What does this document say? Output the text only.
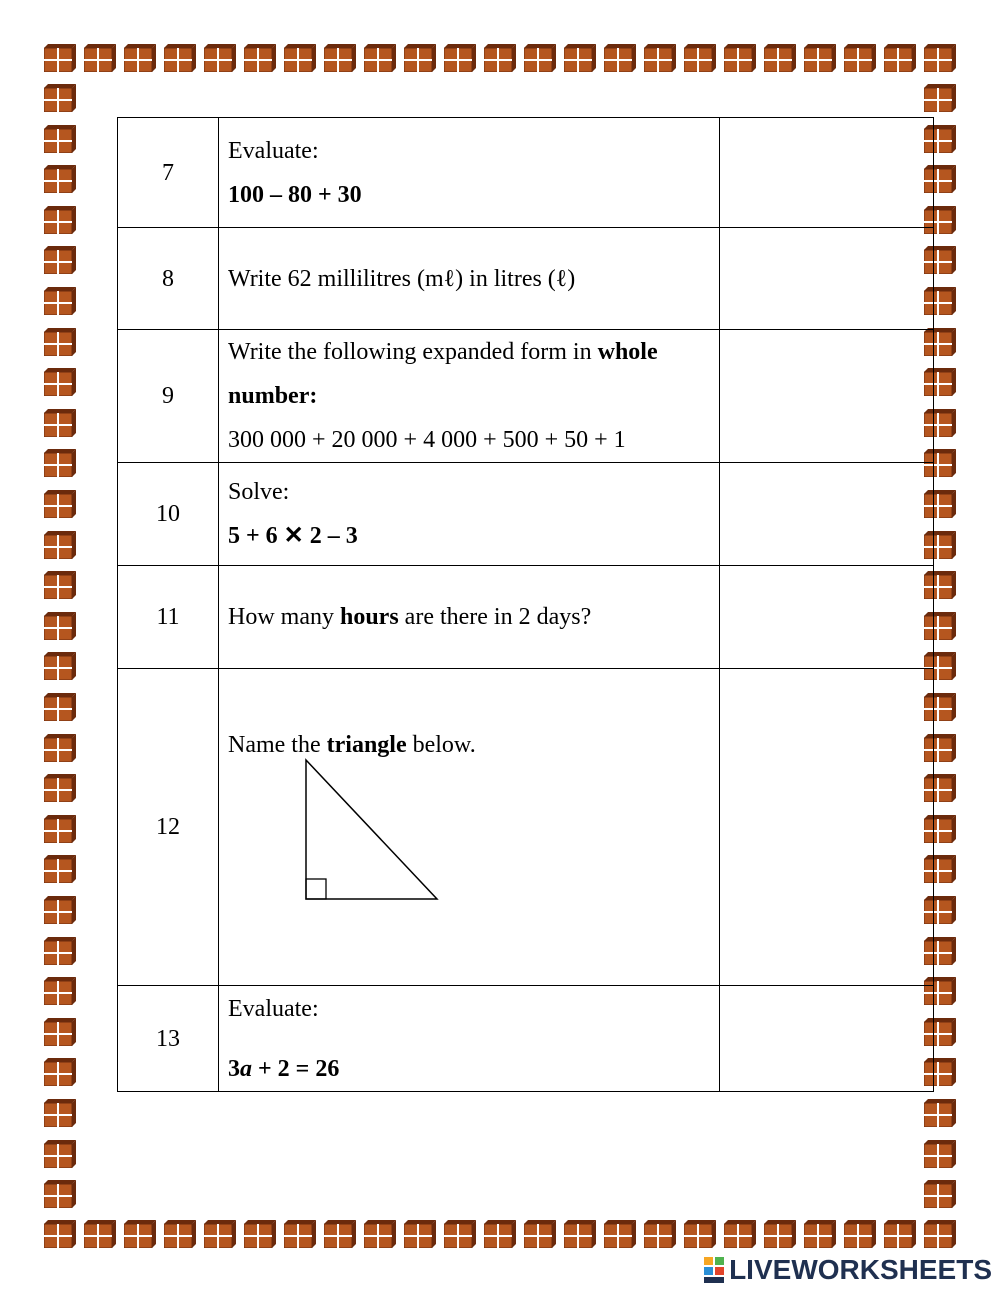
7	Evaluate:
100 – 80 + 30	

8	Write 62 millilitres (mℓ) in litres (ℓ)	
9	Write the following expanded form in whole
number:
300 000 + 20 000 + 4 000 + 500 + 50 + 1	

10	Solve:
5 + 6 ✕ 2 – 3	

11	How many hours are there in 2 days?	
12	Name the triangle below.	

13	Evaluate:
3a + 2 = 26	

LIVEWORKSHEETS
